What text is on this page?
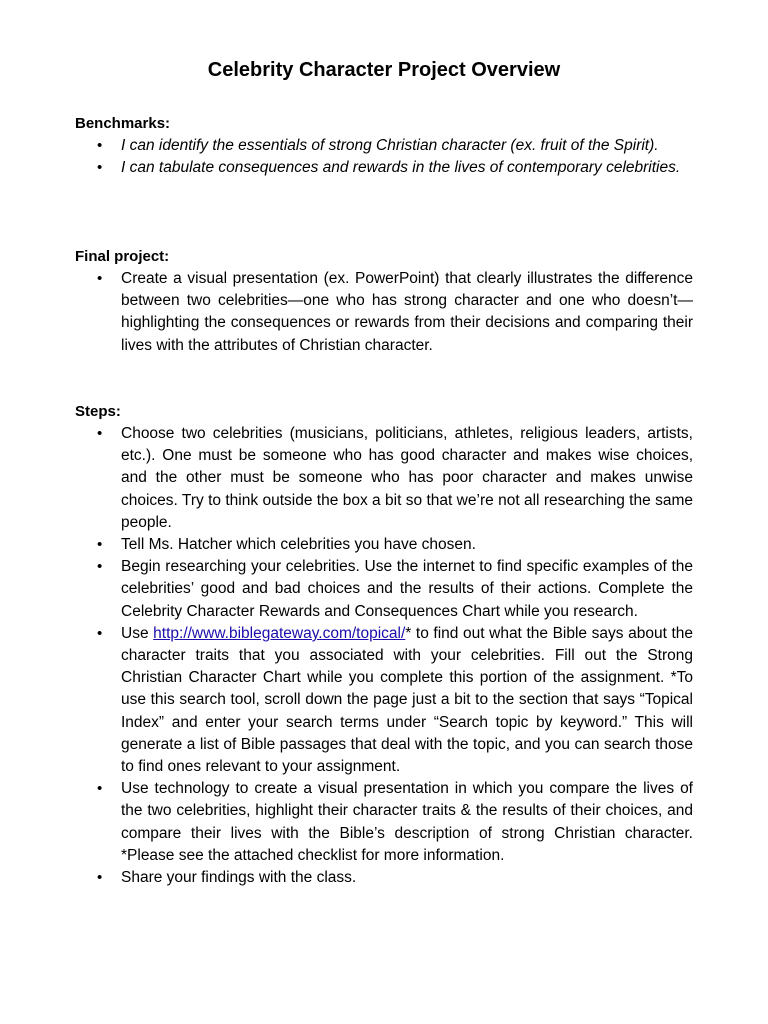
Celebrity Character Project Overview

Benchmarks:

• I can identify the essentials of strong Christian character (ex. fruit of the Spirit).
• I can tabulate consequences and rewards in the lives of contemporary celebrities.

Final project:

• Create a visual presentation (ex. PowerPoint) that clearly illustrates the difference between two celebrities—one who has strong character and one who doesn’t—highlighting the consequences or rewards from their decisions and comparing their lives with the attributes of Christian character.

Steps:

• Choose two celebrities (musicians, politicians, athletes, religious leaders, artists, etc.). One must be someone who has good character and makes wise choices, and the other must be someone who has poor character and makes unwise choices. Try to think outside the box a bit so that we’re not all researching the same people.
• Tell Ms. Hatcher which celebrities you have chosen.
• Begin researching your celebrities. Use the internet to find specific examples of the celebrities’ good and bad choices and the results of their actions. Complete the Celebrity Character Rewards and Consequences Chart while you research.
• Use http://www.biblegateway.com/topical/* to find out what the Bible says about the character traits that you associated with your celebrities. Fill out the Strong Christian Character Chart while you complete this portion of the assignment. *To use this search tool, scroll down the page just a bit to the section that says “Topical Index” and enter your search terms under “Search topic by keyword.” This will generate a list of Bible passages that deal with the topic, and you can search those to find ones relevant to your assignment.
• Use technology to create a visual presentation in which you compare the lives of the two celebrities, highlight their character traits & the results of their choices, and compare their lives with the Bible’s description of strong Christian character. *Please see the attached checklist for more information.
• Share your findings with the class.
